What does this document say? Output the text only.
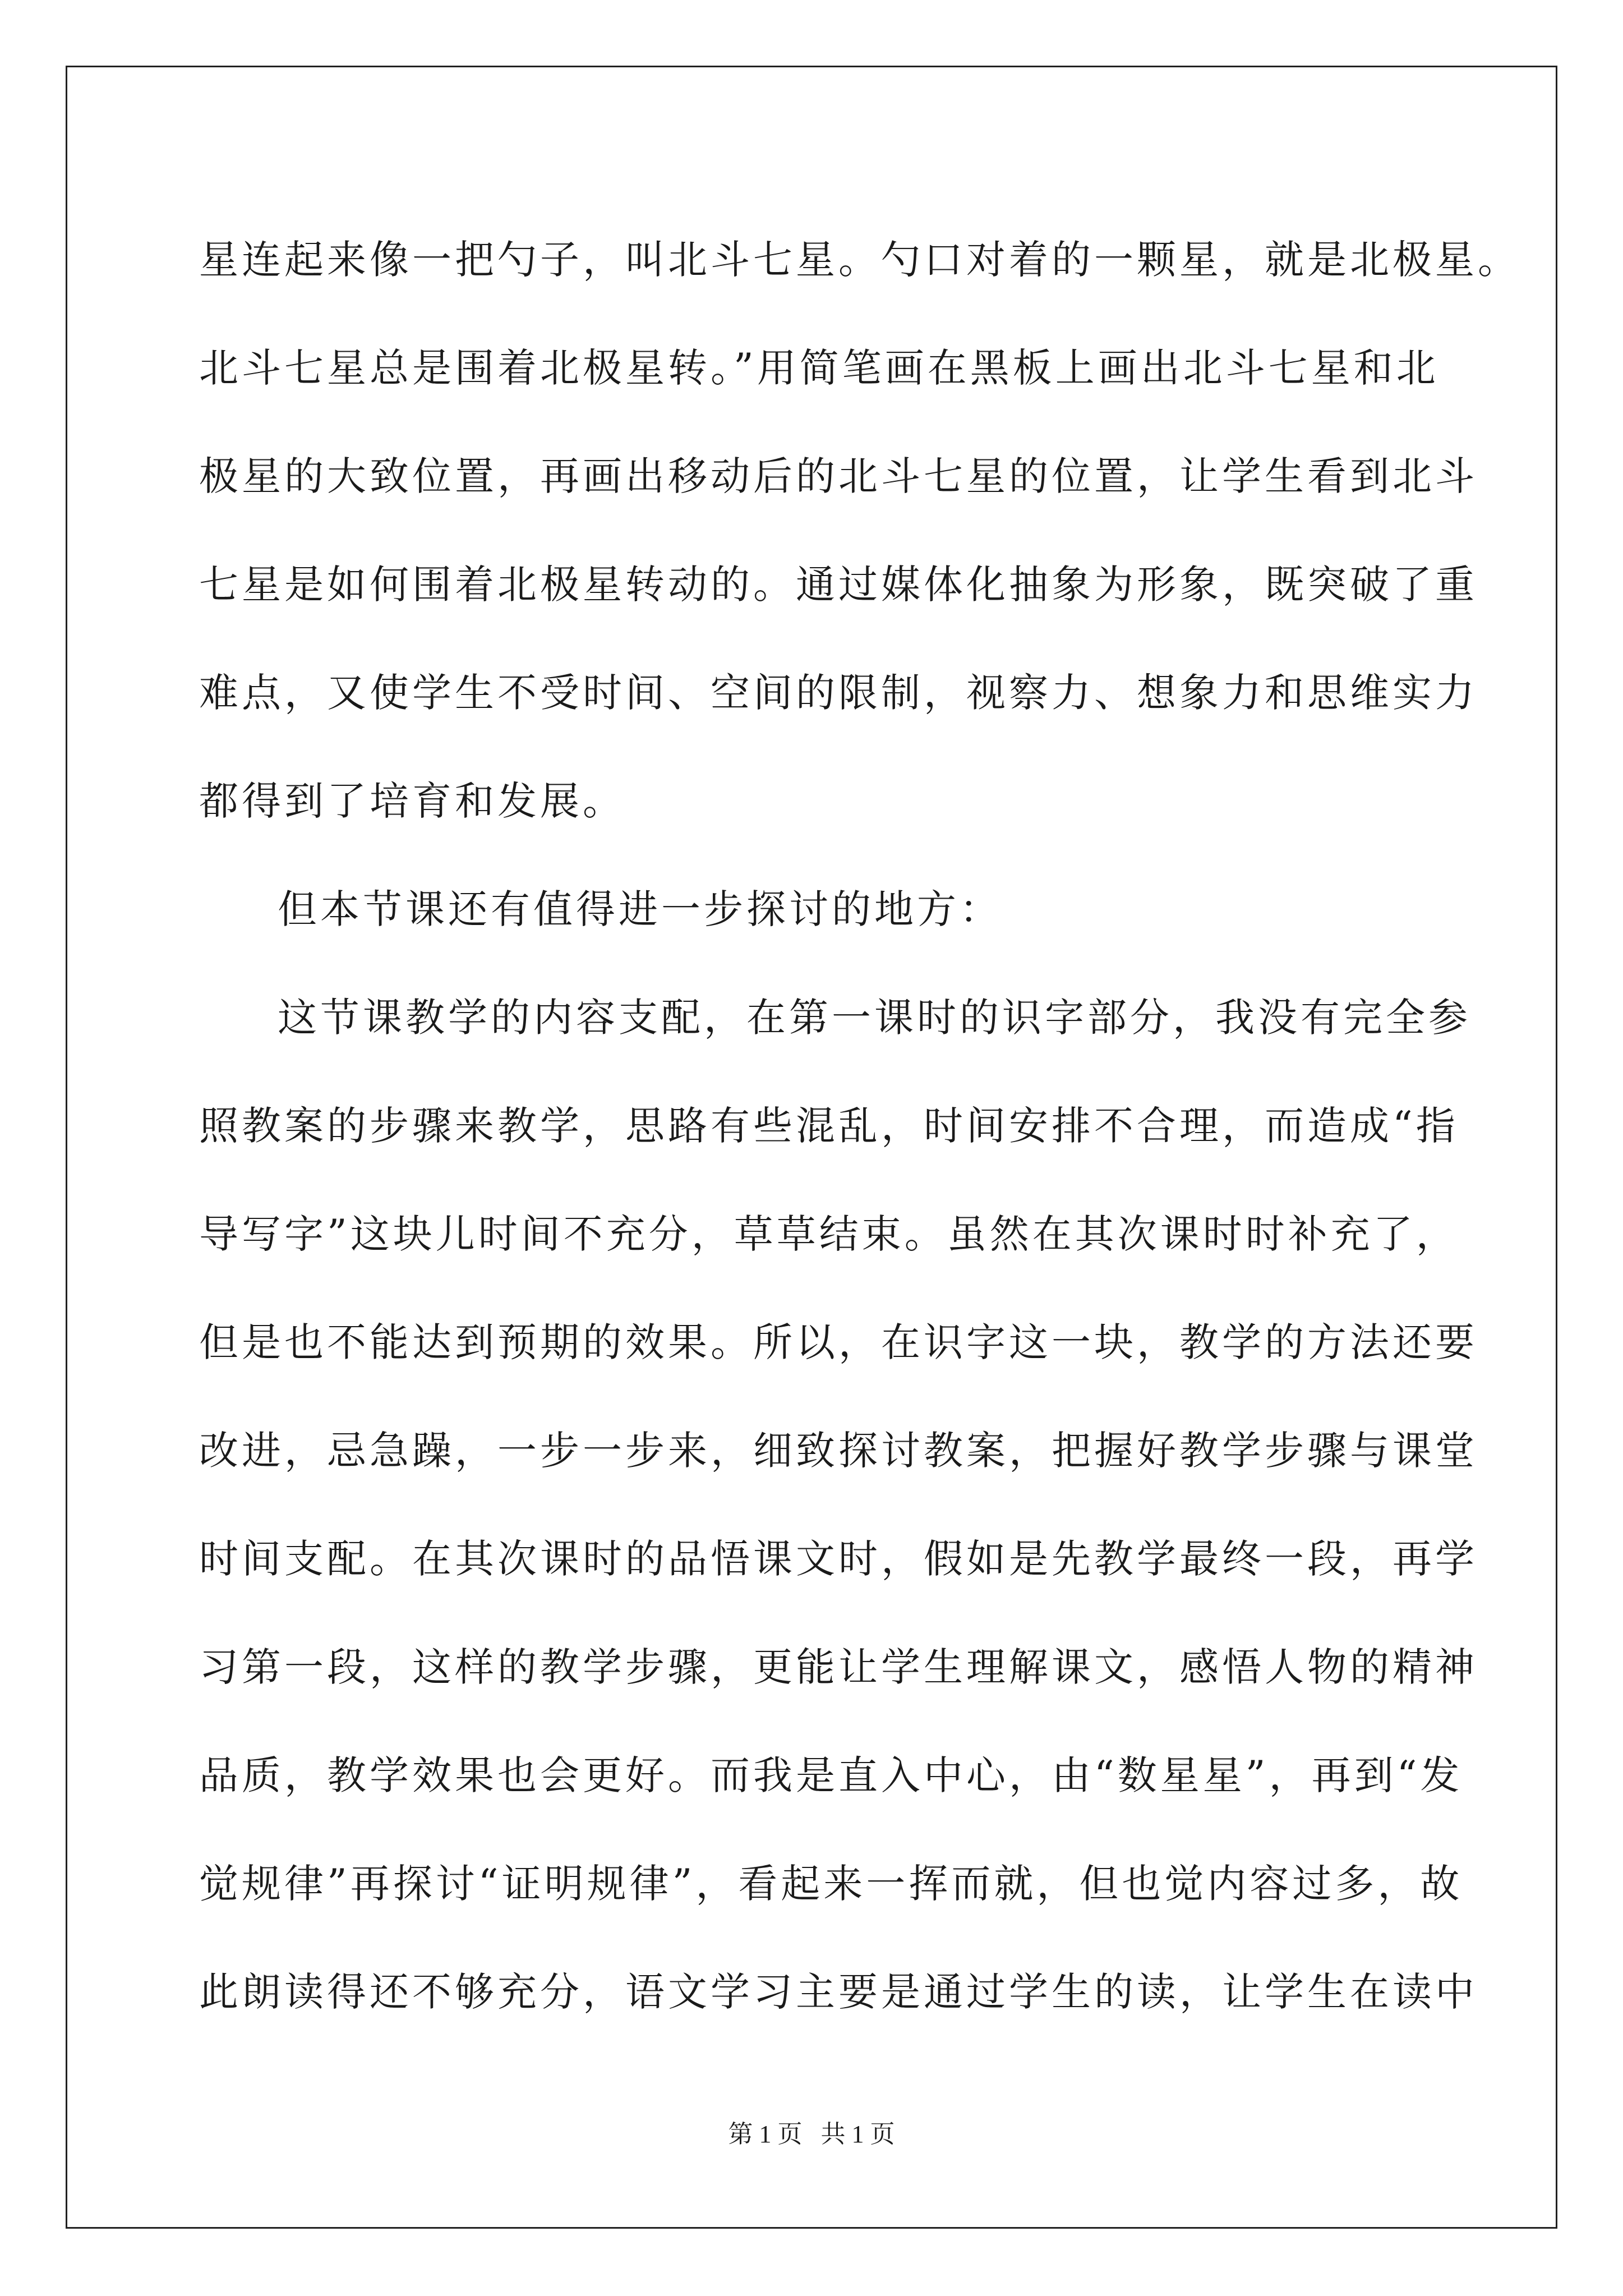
星连起来像一把勺子，叫北斗七星。勺口对着的一颗星，就是北极星。
北斗七星总是围着北极星转。”用简笔画在黑板上画出北斗七星和北
极星的大致位置，再画出移动后的北斗七星的位置，让学生看到北斗
七星是如何围着北极星转动的。通过媒体化抽象为形象，既突破了重
难点，又使学生不受时间、空间的限制，视察力、想象力和思维实力
都得到了培育和发展。
但本节课还有值得进一步探讨的地方：
这节课教学的内容支配，在第一课时的识字部分，我没有完全参
照教案的步骤来教学，思路有些混乱，时间安排不合理，而造成“指
导写字”这块儿时间不充分，草草结束。虽然在其次课时时补充了，
但是也不能达到预期的效果。所以，在识字这一块，教学的方法还要
改进，忌急躁，一步一步来，细致探讨教案，把握好教学步骤与课堂
时间支配。在其次课时的品悟课文时，假如是先教学最终一段，再学
习第一段，这样的教学步骤，更能让学生理解课文，感悟人物的精神
品质，教学效果也会更好。而我是直入中心，由“数星星”，再到“发
觉规律”再探讨“证明规律”，看起来一挥而就，但也觉内容过多，故
此朗读得还不够充分，语文学习主要是通过学生的读，让学生在读中
第 1 页   共 1 页
